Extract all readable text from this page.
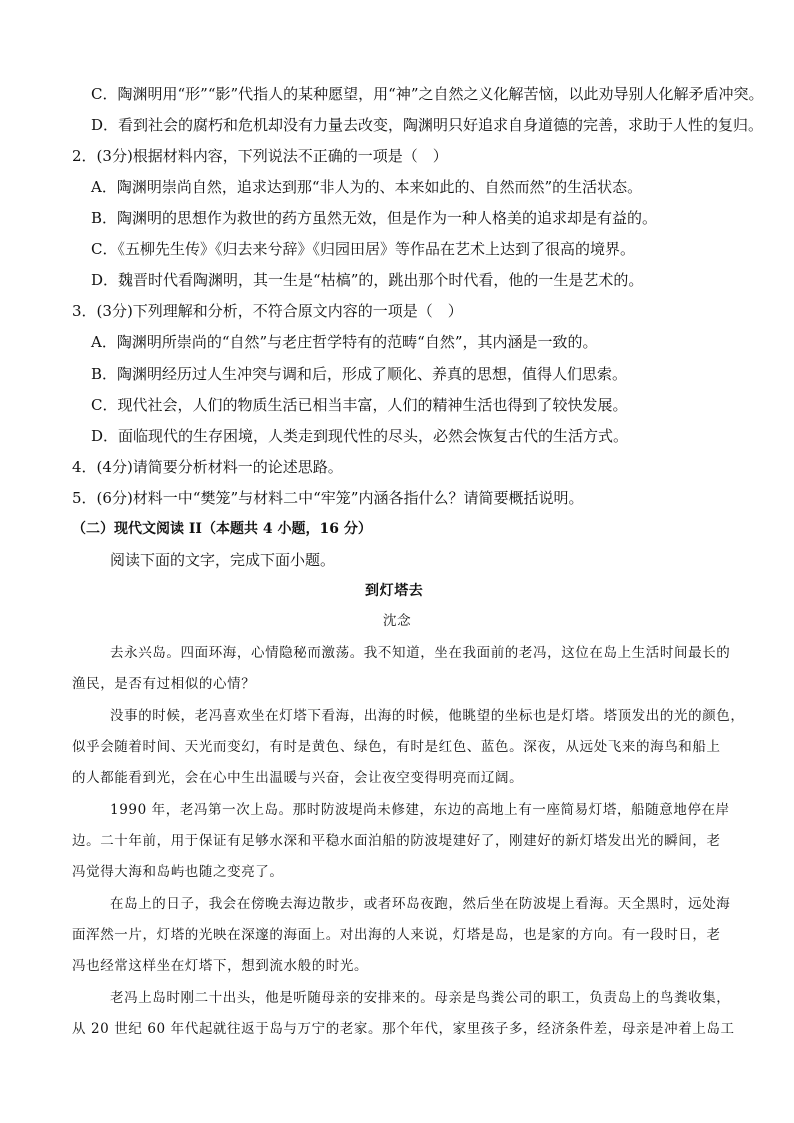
C．陶渊明用“形”“影”代指人的某种愿望，用“神”之自然之义化解苦恼，以此劝导别人化解矛盾冲突。
D．看到社会的腐朽和危机却没有力量去改变，陶渊明只好追求自身道德的完善，求助于人性的复归。
2．(3分)根据材料内容，下列说法不正确的一项是（　）
A．陶渊明崇尚自然，追求达到那“非人为的、本来如此的、自然而然”的生活状态。
B．陶渊明的思想作为救世的药方虽然无效，但是作为一种人格美的追求却是有益的。
C．《五柳先生传》《归去来兮辞》《归园田居》等作品在艺术上达到了很高的境界。
D．魏晋时代看陶渊明，其一生是“枯槁”的，跳出那个时代看，他的一生是艺术的。
3．(3分)下列理解和分析，不符合原文内容的一项是（　）
A．陶渊明所崇尚的“自然”与老庄哲学特有的范畴“自然”，其内涵是一致的。
B．陶渊明经历过人生冲突与调和后，形成了顺化、养真的思想，值得人们思索。
C．现代社会，人们的物质生活已相当丰富，人们的精神生活也得到了较快发展。
D．面临现代的生存困境，人类走到现代性的尽头，必然会恢复古代的生活方式。
4．(4分)请简要分析材料一的论述思路。
5．(6分)材料一中“樊笼”与材料二中“牢笼”内涵各指什么？请简要概括说明。
（二）现代文阅读 II（本题共 4 小题，16 分）
阅读下面的文字，完成下面小题。
到灯塔去
沈念
去永兴岛。四面环海，心情隐秘而激荡。我不知道，坐在我面前的老冯，这位在岛上生活时间最长的
渔民，是否有过相似的心情？
没事的时候，老冯喜欢坐在灯塔下看海，出海的时候，他眺望的坐标也是灯塔。塔顶发出的光的颜色，
似乎会随着时间、天光而变幻，有时是黄色、绿色，有时是红色、蓝色。深夜，从远处飞来的海鸟和船上
的人都能看到光，会在心中生出温暖与兴奋，会让夜空变得明亮而辽阔。
1990 年，老冯第一次上岛。那时防波堤尚未修建，东边的高地上有一座简易灯塔，船随意地停在岸
边。二十年前，用于保证有足够水深和平稳水面泊船的防波堤建好了，刚建好的新灯塔发出光的瞬间，老
冯觉得大海和岛屿也随之变亮了。
在岛上的日子，我会在傍晚去海边散步，或者环岛夜跑，然后坐在防波堤上看海。天全黑时，远处海
面浑然一片，灯塔的光映在深邃的海面上。对出海的人来说，灯塔是岛，也是家的方向。有一段时日，老
冯也经常这样坐在灯塔下，想到流水般的时光。
老冯上岛时刚二十出头，他是听随母亲的安排来的。母亲是鸟粪公司的职工，负责岛上的鸟粪收集，
从 20 世纪 60 年代起就往返于岛与万宁的老家。那个年代，家里孩子多，经济条件差，母亲是冲着上岛工
